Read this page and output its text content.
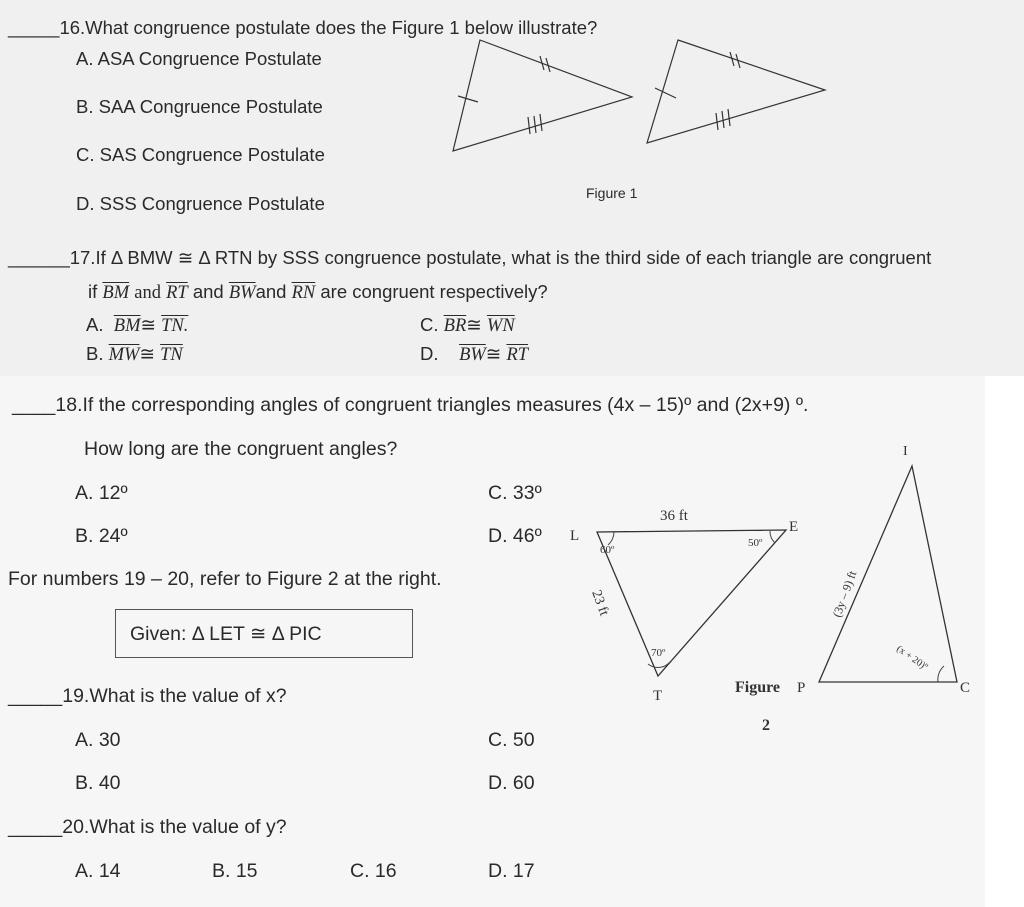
_____16.What congruence postulate does the Figure 1 below illustrate?
A. ASA Congruence Postulate
B. SAA Congruence Postulate
C. SAS Congruence Postulate
D. SSS Congruence Postulate	Figure 1
______17.If Δ BMW ≅ Δ RTN by SSS congruence postulate, what is the third side of each triangle are congruent
if $\overline{BM}$ and $\overline{RT}$ and $\overline{BW}and$ $\overline{RN}$ are congruent respectively?
A. $\overline{BM}≅$ TN.
B. $\overline{MW}≅$ $\overline{TN}$
C. $\overline{BR}≅$ $\overline{WN}$
D. $\overline{BW}≅$ $\overline{RT}$
____18.If the corresponding angles of congruent triangles measures (4x – 15)º and (2x+9) º.
How long are the congruent angles?
A. 12º
B. 24º
C. 33º
D. 46º
For numbers 19 – 20, refer to Figure 2 at the right.
Given: Δ LET ≅ Δ PIC
_____19.What is the value of x?
A. 30
B. 40
C. 50
D. 60
_____20.What is the value of y?
A. 14	B. 15	C. 16	D. 17
L
E
T
36 ft
60º
50º
70º
23 ft
I
P	C
(3y – 9) ft
(x + 20)º
Figure
2
